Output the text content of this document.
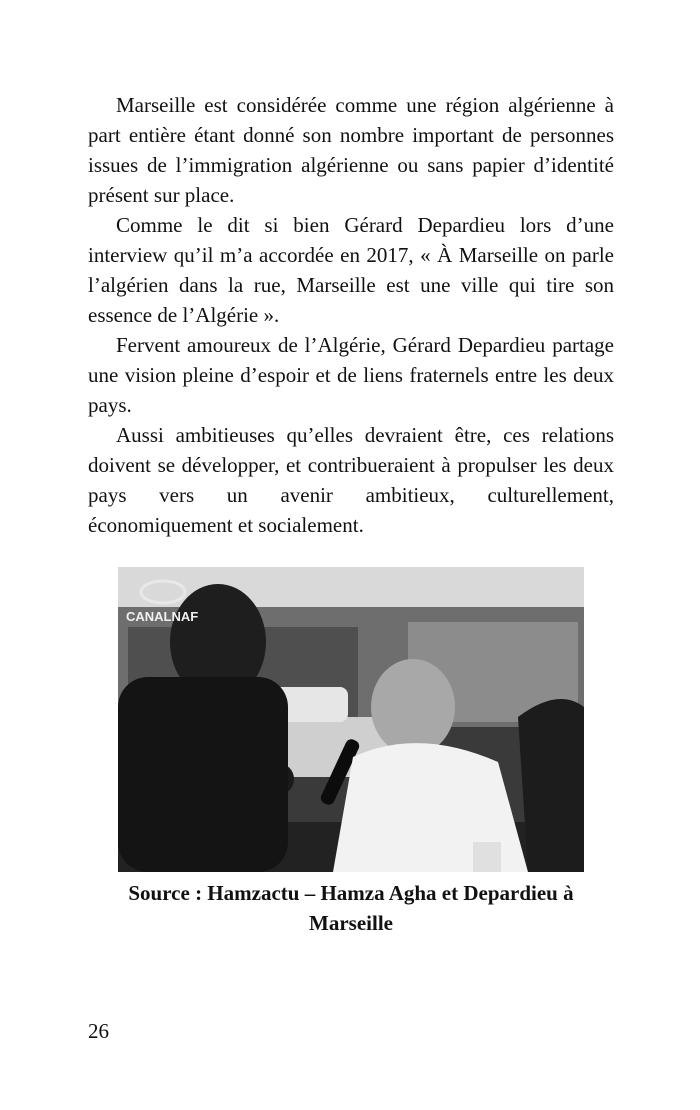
Marseille est considérée comme une région algérienne à part entière étant donné son nombre important de personnes issues de l’immigration algérienne ou sans papier d’identité présent sur place.

Comme le dit si bien Gérard Depardieu lors d’une interview qu’il m’a accordée en 2017, « À Marseille on parle l’algérien dans la rue, Marseille est une ville qui tire son essence de l’Algérie ».

Fervent amoureux de l’Algérie, Gérard Depardieu partage une vision pleine d’espoir et de liens fraternels entre les deux pays.

Aussi ambitieuses qu’elles devraient être, ces relations doivent se développer, et contribueraient à propulser les deux pays vers un avenir ambitieux, culturellement, économiquement et socialement.

CANALNAF
Source : Hamzactu – Hamza Agha et Depardieu à Marseille
26
